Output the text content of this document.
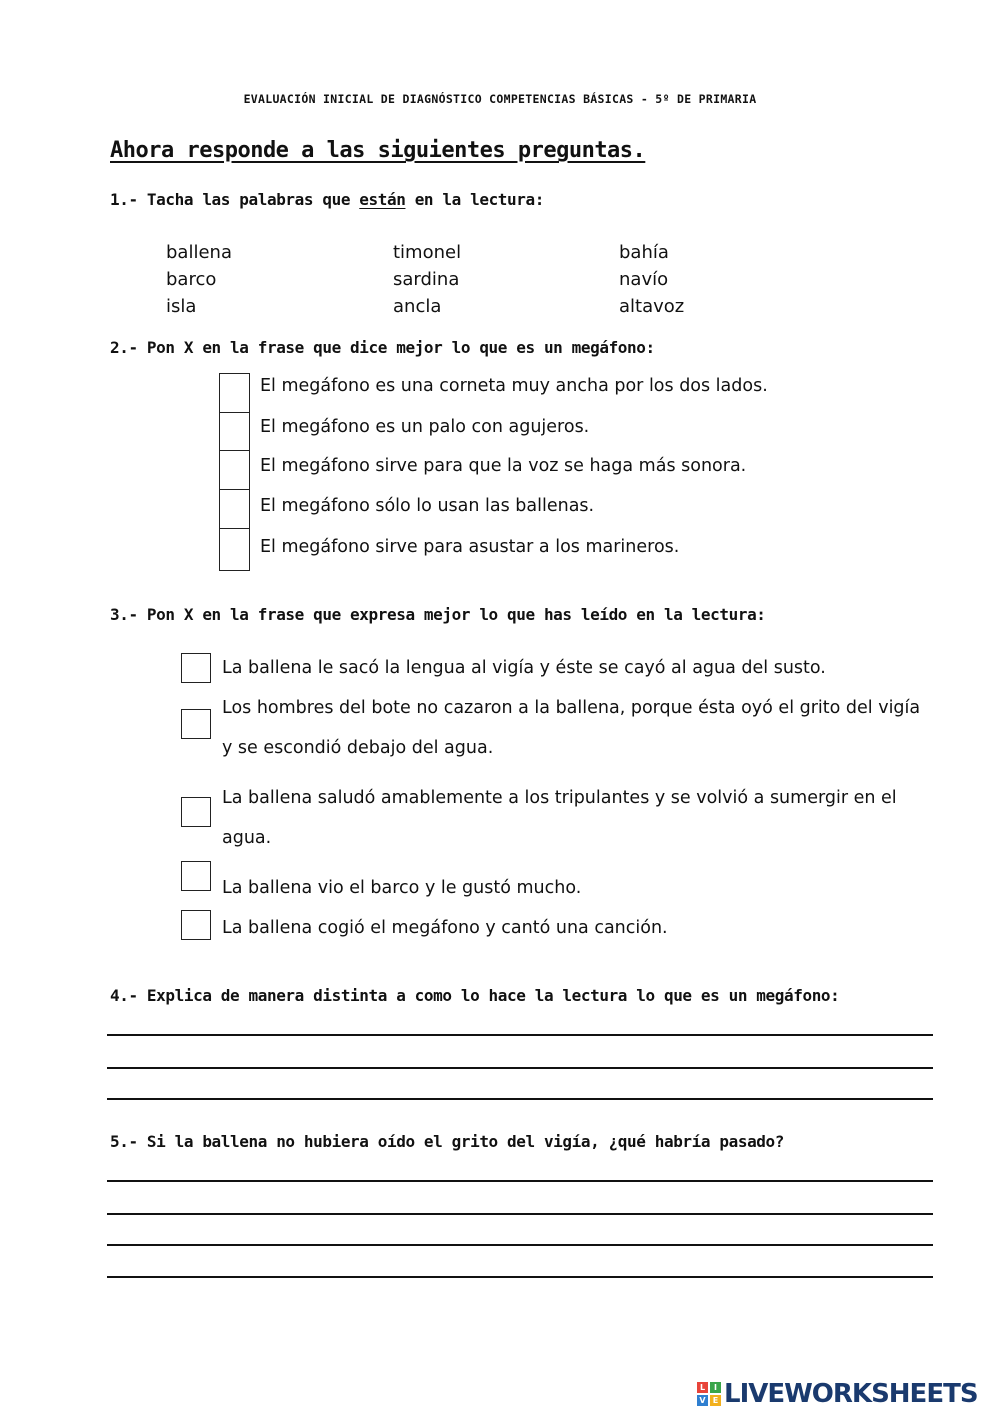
EVALUACIÓN INICIAL DE DIAGNÓSTICO COMPETENCIAS BÁSICAS - 5º DE PRIMARIA
Ahora responde a las siguientes preguntas.
1.- Tacha las palabras que están en la lectura:
ballena	timonel	bahía
barco	sardina	navío
isla	ancla	altavoz
2.- Pon X en la frase que dice mejor lo que es un megáfono:
El megáfono es una corneta muy ancha por los dos lados.
El megáfono es un palo con agujeros.
El megáfono sirve para que la voz se haga más sonora.
El megáfono sólo lo usan las ballenas.
El megáfono sirve para asustar a los marineros.
3.- Pon X en la frase que expresa mejor lo que has leído en la lectura:
La ballena le sacó la lengua al vigía y éste se cayó al agua del susto.
Los hombres del bote no cazaron a la ballena, porque ésta oyó el grito del vigía
y se escondió debajo del agua.
La ballena saludó amablemente a los tripulantes y se volvió a sumergir en el
agua.
La ballena vio el barco y le gustó mucho.
La ballena cogió el megáfono y cantó una canción.
4.- Explica de manera distinta a como lo hace la lectura lo que es un megáfono:
5.- Si la ballena no hubiera oído el grito del vigía, ¿qué habría pasado?
L	I
V E LIVEWORKSHEETS
